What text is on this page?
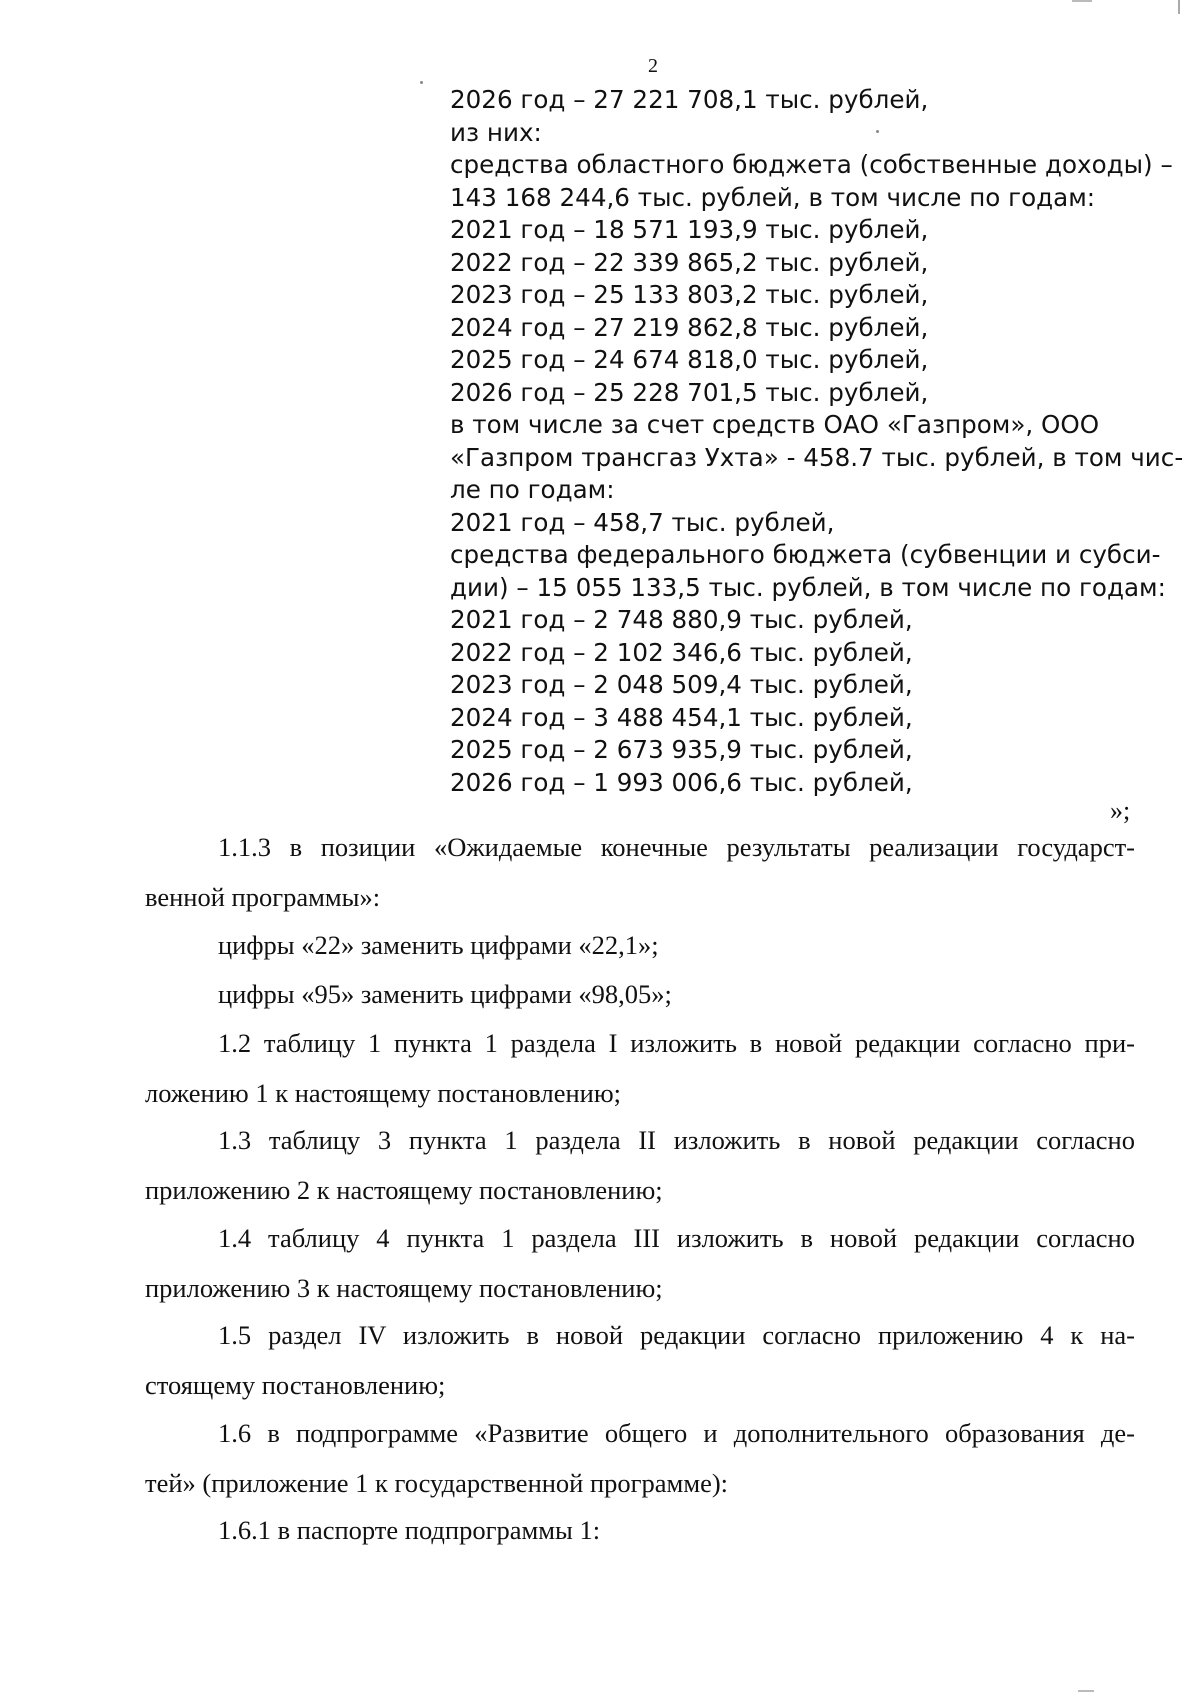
2
2026 год – 27 221 708,1 тыс. рублей,
из них:
средства областного бюджета (собственные доходы) –
143 168 244,6 тыс. рублей, в том числе по годам:
2021 год – 18 571 193,9 тыс. рублей,
2022 год – 22 339 865,2 тыс. рублей,
2023 год – 25 133 803,2 тыс. рублей,
2024 год – 27 219 862,8 тыс. рублей,
2025 год – 24 674 818,0 тыс. рублей,
2026 год – 25 228 701,5 тыс. рублей,
в том числе за счет средств ОАО «Газпром», ООО
«Газпром трансгаз Ухта» - 458.7 тыс. рублей, в том чис-
ле по годам:
2021 год – 458,7 тыс. рублей,
средства федерального бюджета (субвенции и субси-
дии) – 15 055 133,5 тыс. рублей, в том числе по годам:
2021 год – 2 748 880,9 тыс. рублей,
2022 год – 2 102 346,6 тыс. рублей,
2023 год – 2 048 509,4 тыс. рублей,
2024 год – 3 488 454,1 тыс. рублей,
2025 год – 2 673 935,9 тыс. рублей,
2026 год – 1 993 006,6 тыс. рублей,
»;
1.1.3 в позиции «Ожидаемые конечные результаты реализации государст-
венной программы»:
цифры «22» заменить цифрами «22,1»;
цифры «95» заменить цифрами «98,05»;
1.2 таблицу 1 пункта 1 раздела I изложить в новой редакции согласно при-
ложению 1 к настоящему постановлению;
1.3 таблицу 3 пункта 1 раздела II изложить в новой редакции согласно
приложению 2 к настоящему постановлению;
1.4 таблицу 4 пункта 1 раздела III изложить в новой редакции согласно
приложению 3 к настоящему постановлению;
1.5 раздел IV изложить в новой редакции согласно приложению 4 к на-
стоящему постановлению;
1.6 в подпрограмме «Развитие общего и дополнительного образования де-
тей» (приложение 1 к государственной программе):
1.6.1 в паспорте подпрограммы 1:
